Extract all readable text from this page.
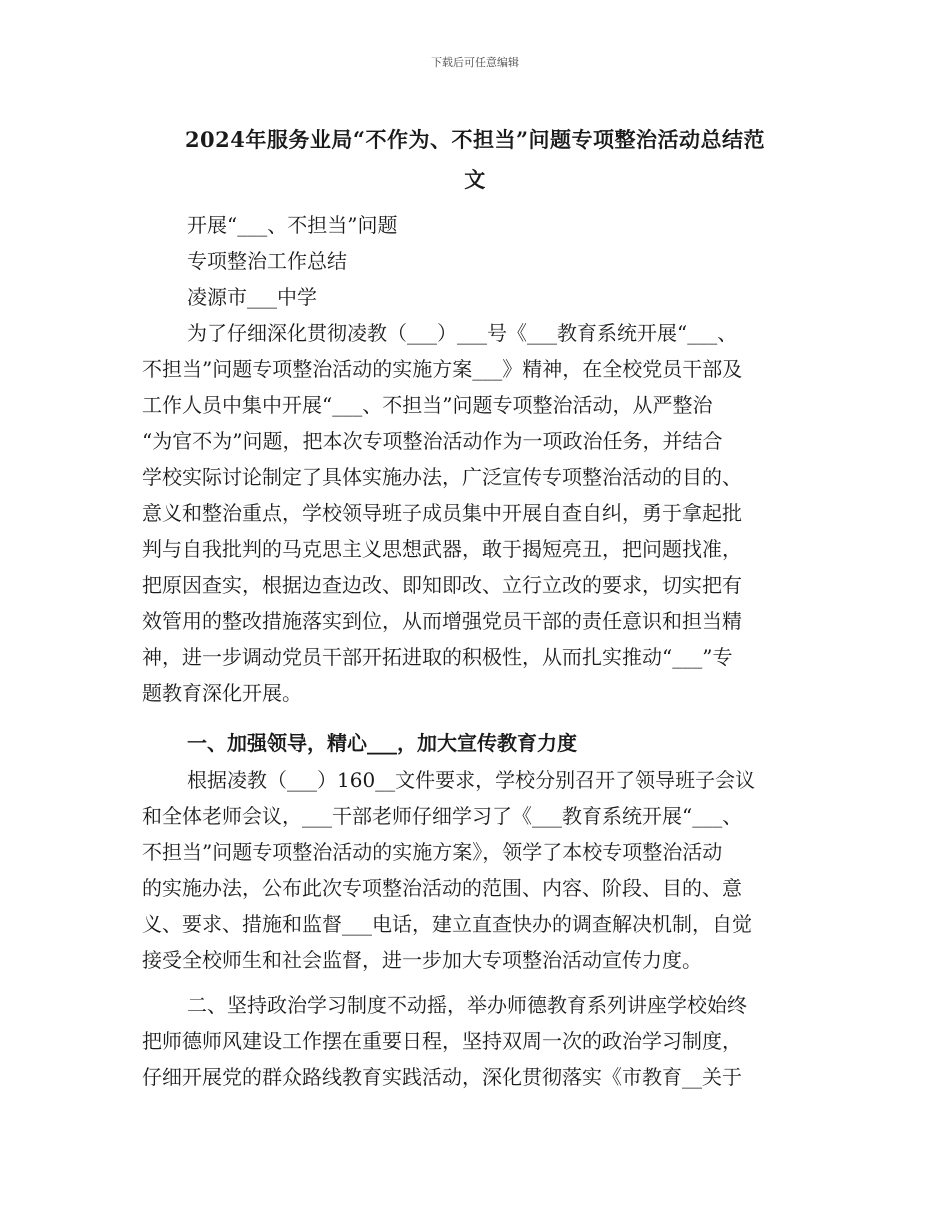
下载后可任意编辑
2024年服务业局“不作为、不担当”问题专项整治活动总结范
文
开展“___、不担当”问题
专项整治工作总结
凌源市___中学
为了仔细深化贯彻凌教（___）___号《___教育系统开展“___、
不担当”问题专项整治活动的实施方案___》精神，在全校党员干部及
工作人员中集中开展“___、不担当”问题专项整治活动，从严整治
“为官不为”问题，把本次专项整治活动作为一项政治任务，并结合
学校实际讨论制定了具体实施办法，广泛宣传专项整治活动的目的、
意义和整治重点，学校领导班子成员集中开展自查自纠，勇于拿起批
判与自我批判的马克思主义思想武器，敢于揭短亮丑，把问题找准，
把原因查实，根据边查边改、即知即改、立行立改的要求，切实把有
效管用的整改措施落实到位，从而增强党员干部的责任意识和担当精
神，进一步调动党员干部开拓进取的积极性，从而扎实推动“___”专
题教育深化开展。
一、加强领导，精心___，加大宣传教育力度
根据凌教（___）160__文件要求，学校分别召开了领导班子会议
和全体老师会议，___干部老师仔细学习了《___教育系统开展“___、
不担当”问题专项整治活动的实施方案》，领学了本校专项整治活动
的实施办法，公布此次专项整治活动的范围、内容、阶段、目的、意
义、要求、措施和监督___电话，建立直查快办的调查解决机制，自觉
接受全校师生和社会监督，进一步加大专项整治活动宣传力度。
二、坚持政治学习制度不动摇，举办师德教育系列讲座学校始终
把师德师风建设工作摆在重要日程，坚持双周一次的政治学习制度，
仔细开展党的群众路线教育实践活动，深化贯彻落实《市教育__关于
